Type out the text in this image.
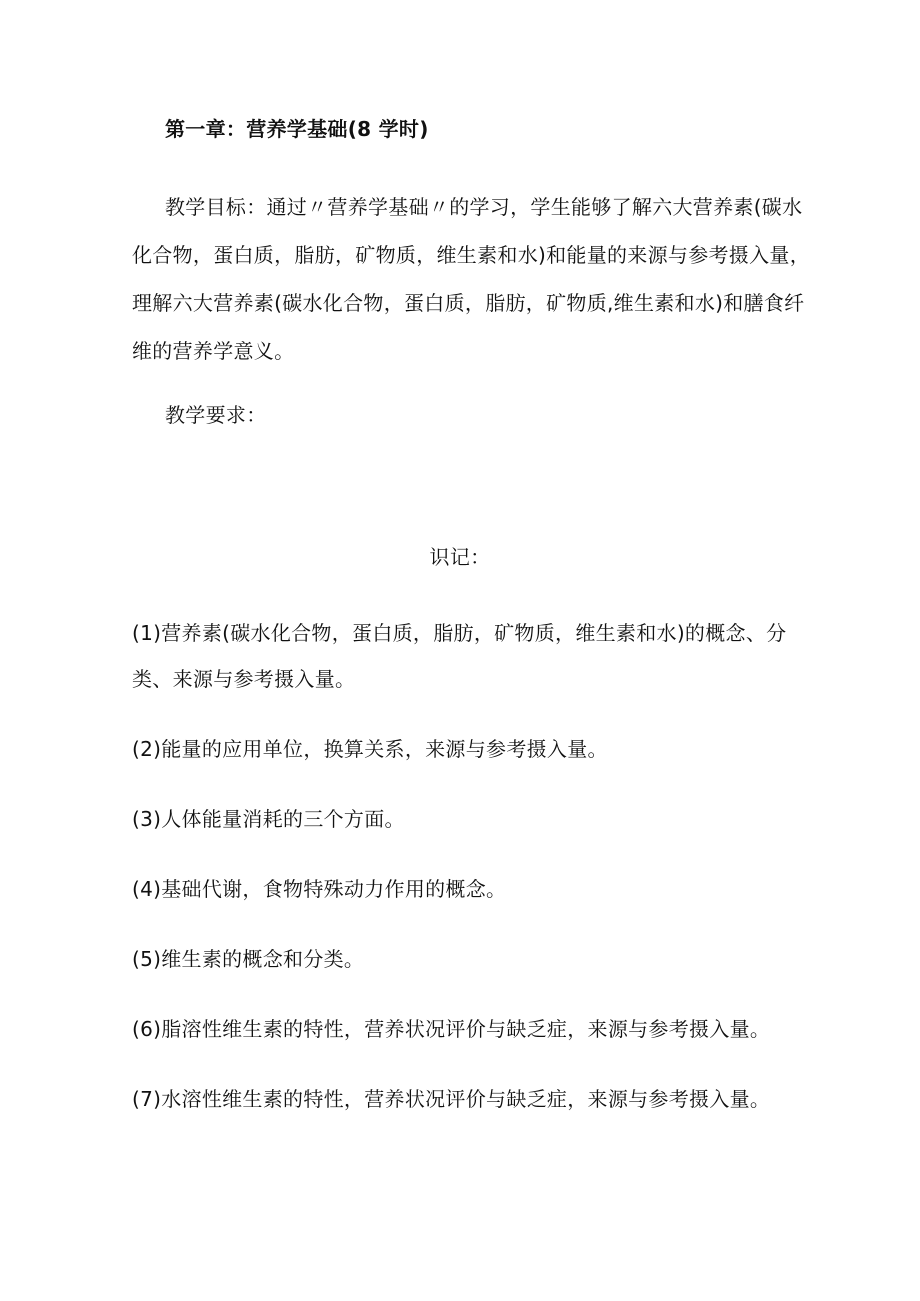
第一章：营养学基础(8 学时)
教学目标：通过〃营养学基础〃的学习，学生能够了解六大营养素(碳水化合物，蛋白质，脂肪，矿物质，维生素和水)和能量的来源与参考摄入量，理解六大营养素(碳水化合物，蛋白质，脂肪，矿物质,维生素和水)和膳食纤维的营养学意义。
教学要求：
识记：
(1)营养素(碳水化合物，蛋白质，脂肪，矿物质，维生素和水)的概念、分类、来源与参考摄入量。
(2)能量的应用单位，换算关系，来源与参考摄入量。
(3)人体能量消耗的三个方面。
(4)基础代谢，食物特殊动力作用的概念。
(5)维生素的概念和分类。
(6)脂溶性维生素的特性，营养状况评价与缺乏症，来源与参考摄入量。
(7)水溶性维生素的特性，营养状况评价与缺乏症，来源与参考摄入量。
